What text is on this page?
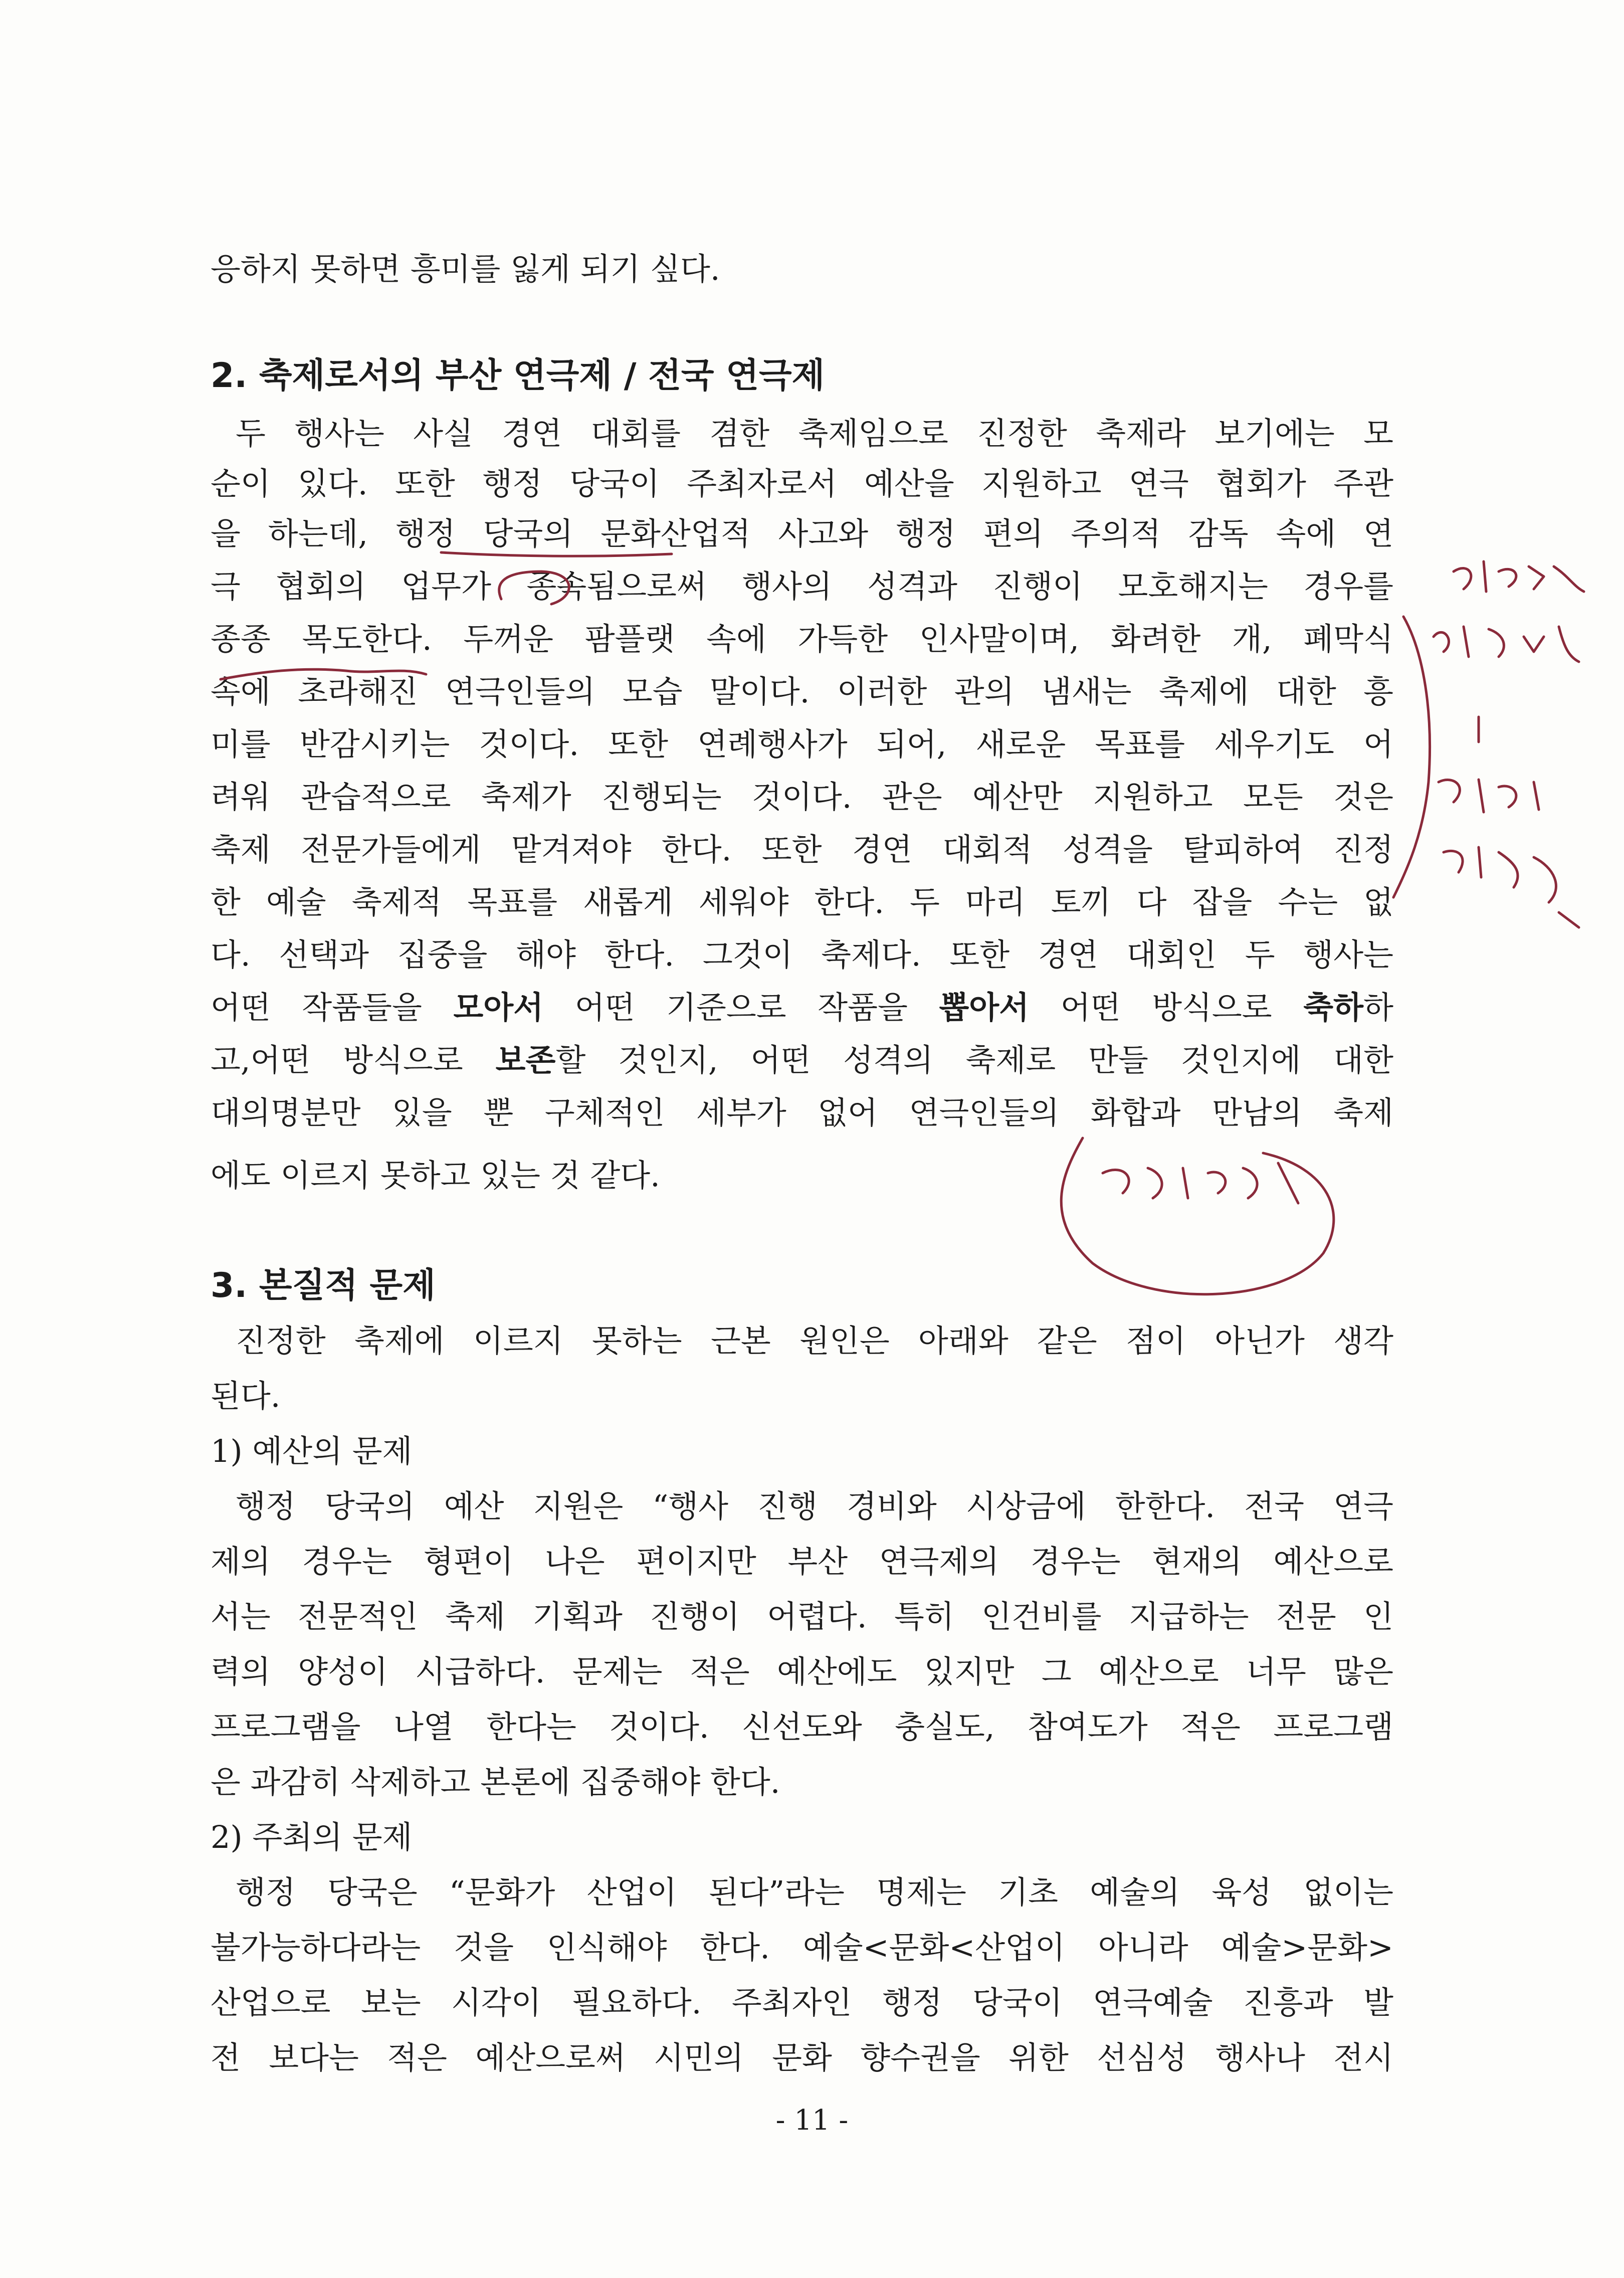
응하지 못하면 흥미를 잃게 되기 싶다.
2. 축제로서의 부산 연극제 / 전국 연극제
두 행사는 사실 경연 대회를 겸한 축제임으로 진정한 축제라 보기에는 모
순이 있다. 또한 행정 당국이 주최자로서 예산을 지원하고 연극 협회가 주관
을 하는데, 행정 당국의 문화산업적 사고와 행정 편의 주의적 감독 속에 연
극 협회의 업무가 종속됨으로써 행사의 성격과 진행이 모호해지는 경우를
종종 목도한다. 두꺼운 팜플랫 속에 가득한 인사말이며, 화려한 개, 폐막식
속에 초라해진 연극인들의 모습 말이다. 이러한 관의 냄새는 축제에 대한 흥
미를 반감시키는 것이다. 또한 연례행사가 되어, 새로운 목표를 세우기도 어
려워 관습적으로 축제가 진행되는 것이다. 관은 예산만 지원하고 모든 것은
축제 전문가들에게 맡겨져야 한다. 또한 경연 대회적 성격을 탈피하여 진정
한 예술 축제적 목표를 새롭게 세워야 한다. 두 마리 토끼 다 잡을 수는 없
다. 선택과 집중을 해야 한다. 그것이 축제다. 또한 경연 대회인 두 행사는
어떤 작품들을 모아서 어떤 기준으로 작품을 뽑아서 어떤 방식으로 축하하
고,어떤 방식으로 보존할 것인지, 어떤 성격의 축제로 만들 것인지에 대한
대의명분만 있을 뿐 구체적인 세부가 없어 연극인들의 화합과 만남의 축제
에도 이르지 못하고 있는 것 같다.
3. 본질적 문제
진정한 축제에 이르지 못하는 근본 원인은 아래와 같은 점이 아닌가 생각
된다.
1) 예산의 문제
행정 당국의 예산 지원은 “행사 진행 경비와 시상금에 한한다. 전국 연극
제의 경우는 형편이 나은 편이지만 부산 연극제의 경우는 현재의 예산으로
서는 전문적인 축제 기획과 진행이 어렵다. 특히 인건비를 지급하는 전문 인
력의 양성이 시급하다. 문제는 적은 예산에도 있지만 그 예산으로 너무 많은
프로그램을 나열 한다는 것이다. 신선도와 충실도, 참여도가 적은 프로그램
은 과감히 삭제하고 본론에 집중해야 한다.
2) 주최의 문제
행정 당국은 “문화가 산업이 된다”라는 명제는 기초 예술의 육성 없이는
불가능하다라는 것을 인식해야 한다. 예술<문화<산업이 아니라 예술>문화>
산업으로 보는 시각이 필요하다. 주최자인 행정 당국이 연극예술 진흥과 발
전 보다는 적은 예산으로써 시민의 문화 향수권을 위한 선심성 행사나 전시
- 11 -
